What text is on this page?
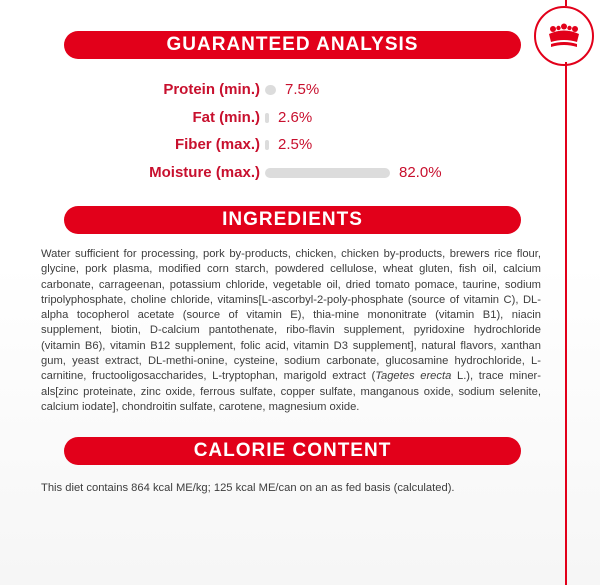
GUARANTEED ANALYSIS
Protein (min.) 7.5%
Fat (min.) 2.6%
Fiber (max.) 2.5%
Moisture (max.)	82.0%
INGREDIENTS
Water sufficient for processing, pork by-products, chicken, chicken by-products, brewers rice flour, glycine, pork plasma, modified corn starch, powdered cellulose, wheat gluten, fish oil, calcium carbonate, carrageenan, potassium chloride, vegetable oil, dried tomato pomace, taurine, sodium tripolyphosphate, choline chloride, vitamins[L-ascorbyl-2-poly-phosphate (source of vitamin C), DL-alpha tocopherol acetate (source of vitamin E), thia-mine mononitrate (vitamin B1), niacin supplement, biotin, D-calcium pantothenate, ribo-flavin supplement, pyridoxine hydrochloride (vitamin B6), vitamin B12 supplement, folic acid, vitamin D3 supplement], natural flavors, xanthan gum, yeast extract, DL-methi-onine, cysteine, sodium carbonate, glucosamine hydrochloride, L-carnitine, fructooligosaccharides, L-tryptophan, marigold extract (Tagetes erecta L.), trace miner-als[zinc proteinate, zinc oxide, ferrous sulfate, copper sulfate, manganous oxide, sodium selenite, calcium iodate], chondroitin sulfate, carotene, magnesium oxide.
CALORIE CONTENT
This diet contains 864 kcal ME/kg; 125 kcal ME/can on an as fed basis (calculated).
